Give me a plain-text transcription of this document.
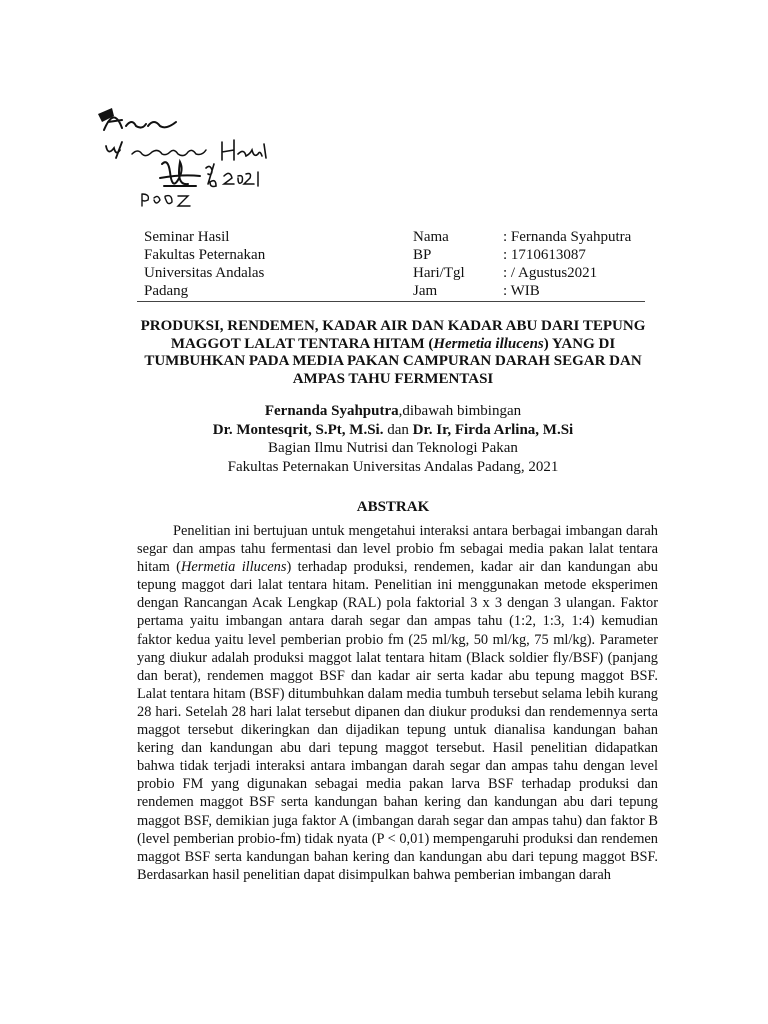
Seminar Hasil
Fakultas Peternakan
Universitas Andalas
Padang
Nama
BP
Hari/Tgl
Jam
: Fernanda Syahputra
: 1710613087
: / Agustus2021
: WIB
PRODUKSI, RENDEMEN, KADAR AIR DAN KADAR ABU DARI TEPUNG MAGGOT LALAT TENTARA HITAM (Hermetia illucens) YANG DI TUMBUHKAN PADA MEDIA PAKAN CAMPURAN DARAH SEGAR DAN AMPAS TAHU FERMENTASI
Fernanda Syahputra,dibawah bimbingan
Dr. Montesqrit, S.Pt, M.Si. dan Dr. Ir, Firda Arlina, M.Si
Bagian Ilmu Nutrisi dan Teknologi Pakan
Fakultas Peternakan Universitas Andalas Padang, 2021
ABSTRAK

Penelitian ini bertujuan untuk mengetahui interaksi antara berbagai imbangan darah segar dan ampas tahu fermentasi dan level probio fm sebagai media pakan lalat tentara hitam (Hermetia illucens) terhadap produksi, rendemen, kadar air dan kandungan abu tepung maggot dari lalat tentara hitam. Penelitian ini menggunakan metode eksperimen dengan Rancangan Acak Lengkap (RAL) pola faktorial 3 x 3 dengan 3 ulangan. Faktor pertama yaitu imbangan antara darah segar dan ampas tahu (1:2, 1:3, 1:4) kemudian faktor kedua yaitu level pemberian probio fm (25 ml/kg, 50 ml/kg, 75 ml/kg). Parameter yang diukur adalah produksi maggot lalat tentara hitam (Black soldier fly/BSF) (panjang dan berat), rendemen maggot BSF dan kadar air serta kadar abu tepung maggot BSF. Lalat tentara hitam (BSF) ditumbuhkan dalam media tumbuh tersebut selama lebih kurang 28 hari. Setelah 28 hari lalat tersebut dipanen dan diukur produksi dan rendemennya serta maggot tersebut dikeringkan dan dijadikan tepung untuk dianalisa kandungan bahan kering dan kandungan abu dari tepung maggot tersebut. Hasil penelitian didapatkan bahwa tidak terjadi interaksi antara imbangan darah segar dan ampas tahu dengan level probio FM yang digunakan sebagai media pakan larva BSF terhadap produksi dan rendemen maggot BSF serta kandungan bahan kering dan kandungan abu dari tepung maggot BSF, demikian juga faktor A (imbangan darah segar dan ampas tahu) dan faktor B (level pemberian probio-fm) tidak nyata (P < 0,01) mempengaruhi produksi dan rendemen maggot BSF serta kandungan bahan kering dan kandungan abu dari tepung maggot BSF. Berdasarkan hasil penelitian dapat disimpulkan bahwa pemberian imbangan darah
